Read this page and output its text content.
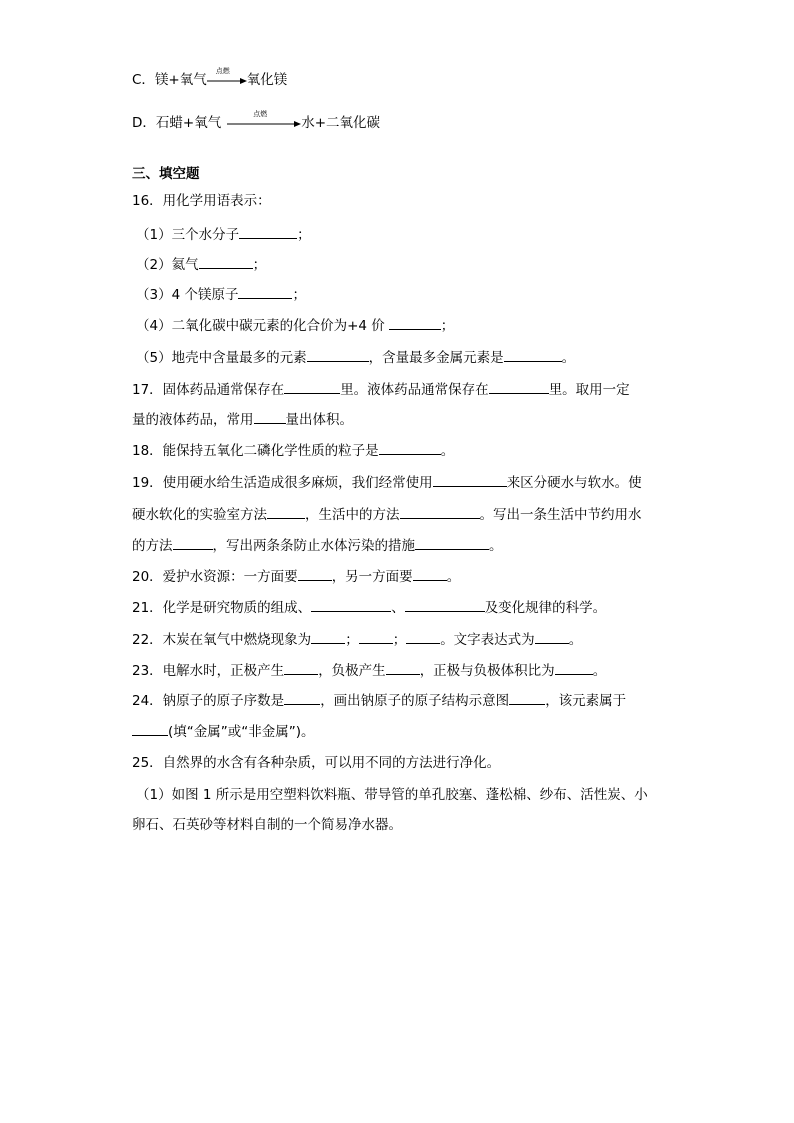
C．镁+氧气
点燃
氧化镁
D．石蜡+氧气
点燃
水+二氧化碳
三、填空题
16．用化学用语表示：
（1）三个水分子	；
（2）氦气	；
（3）4 个镁原子	；
（4）二氧化碳中碳元素的化合价为+4 价	；
（5）地壳中含量最多的元素	，含量最多金属元素是	。
17．固体药品通常保存在	里。液体药品通常保存在	里。取用一定
量的液体药品，常用 量出体积。
18．能保持五氧化二磷化学性质的粒子是	。
19．使用硬水给生活造成很多麻烦，我们经常使用	来区分硬水与软水。使
硬水软化的实验室方法	，生活中的方法	。写出一条生活中节约用水
的方法	，写出两条条防止水体污染的措施	。
20．爱护水资源：一方面要	，另一方面要	。
21．化学是研究物质的组成、	、	及变化规律的科学。
22．木炭在氧气中燃烧现象为	；	；	。文字表达式为	。
23．电解水时，正极产生	，负极产生	，正极与负极体积比为	。
24．钠原子的原子序数是	，画出钠原子的原子结构示意图	，该元素属于
(填“金属”或“非金属”)。
25．自然界的水含有各种杂质，可以用不同的方法进行净化。
（1）如图 1 所示是用空塑料饮料瓶、带导管的单孔胶塞、蓬松棉、纱布、活性炭、小
卵石、石英砂等材料自制的一个简易净水器。
